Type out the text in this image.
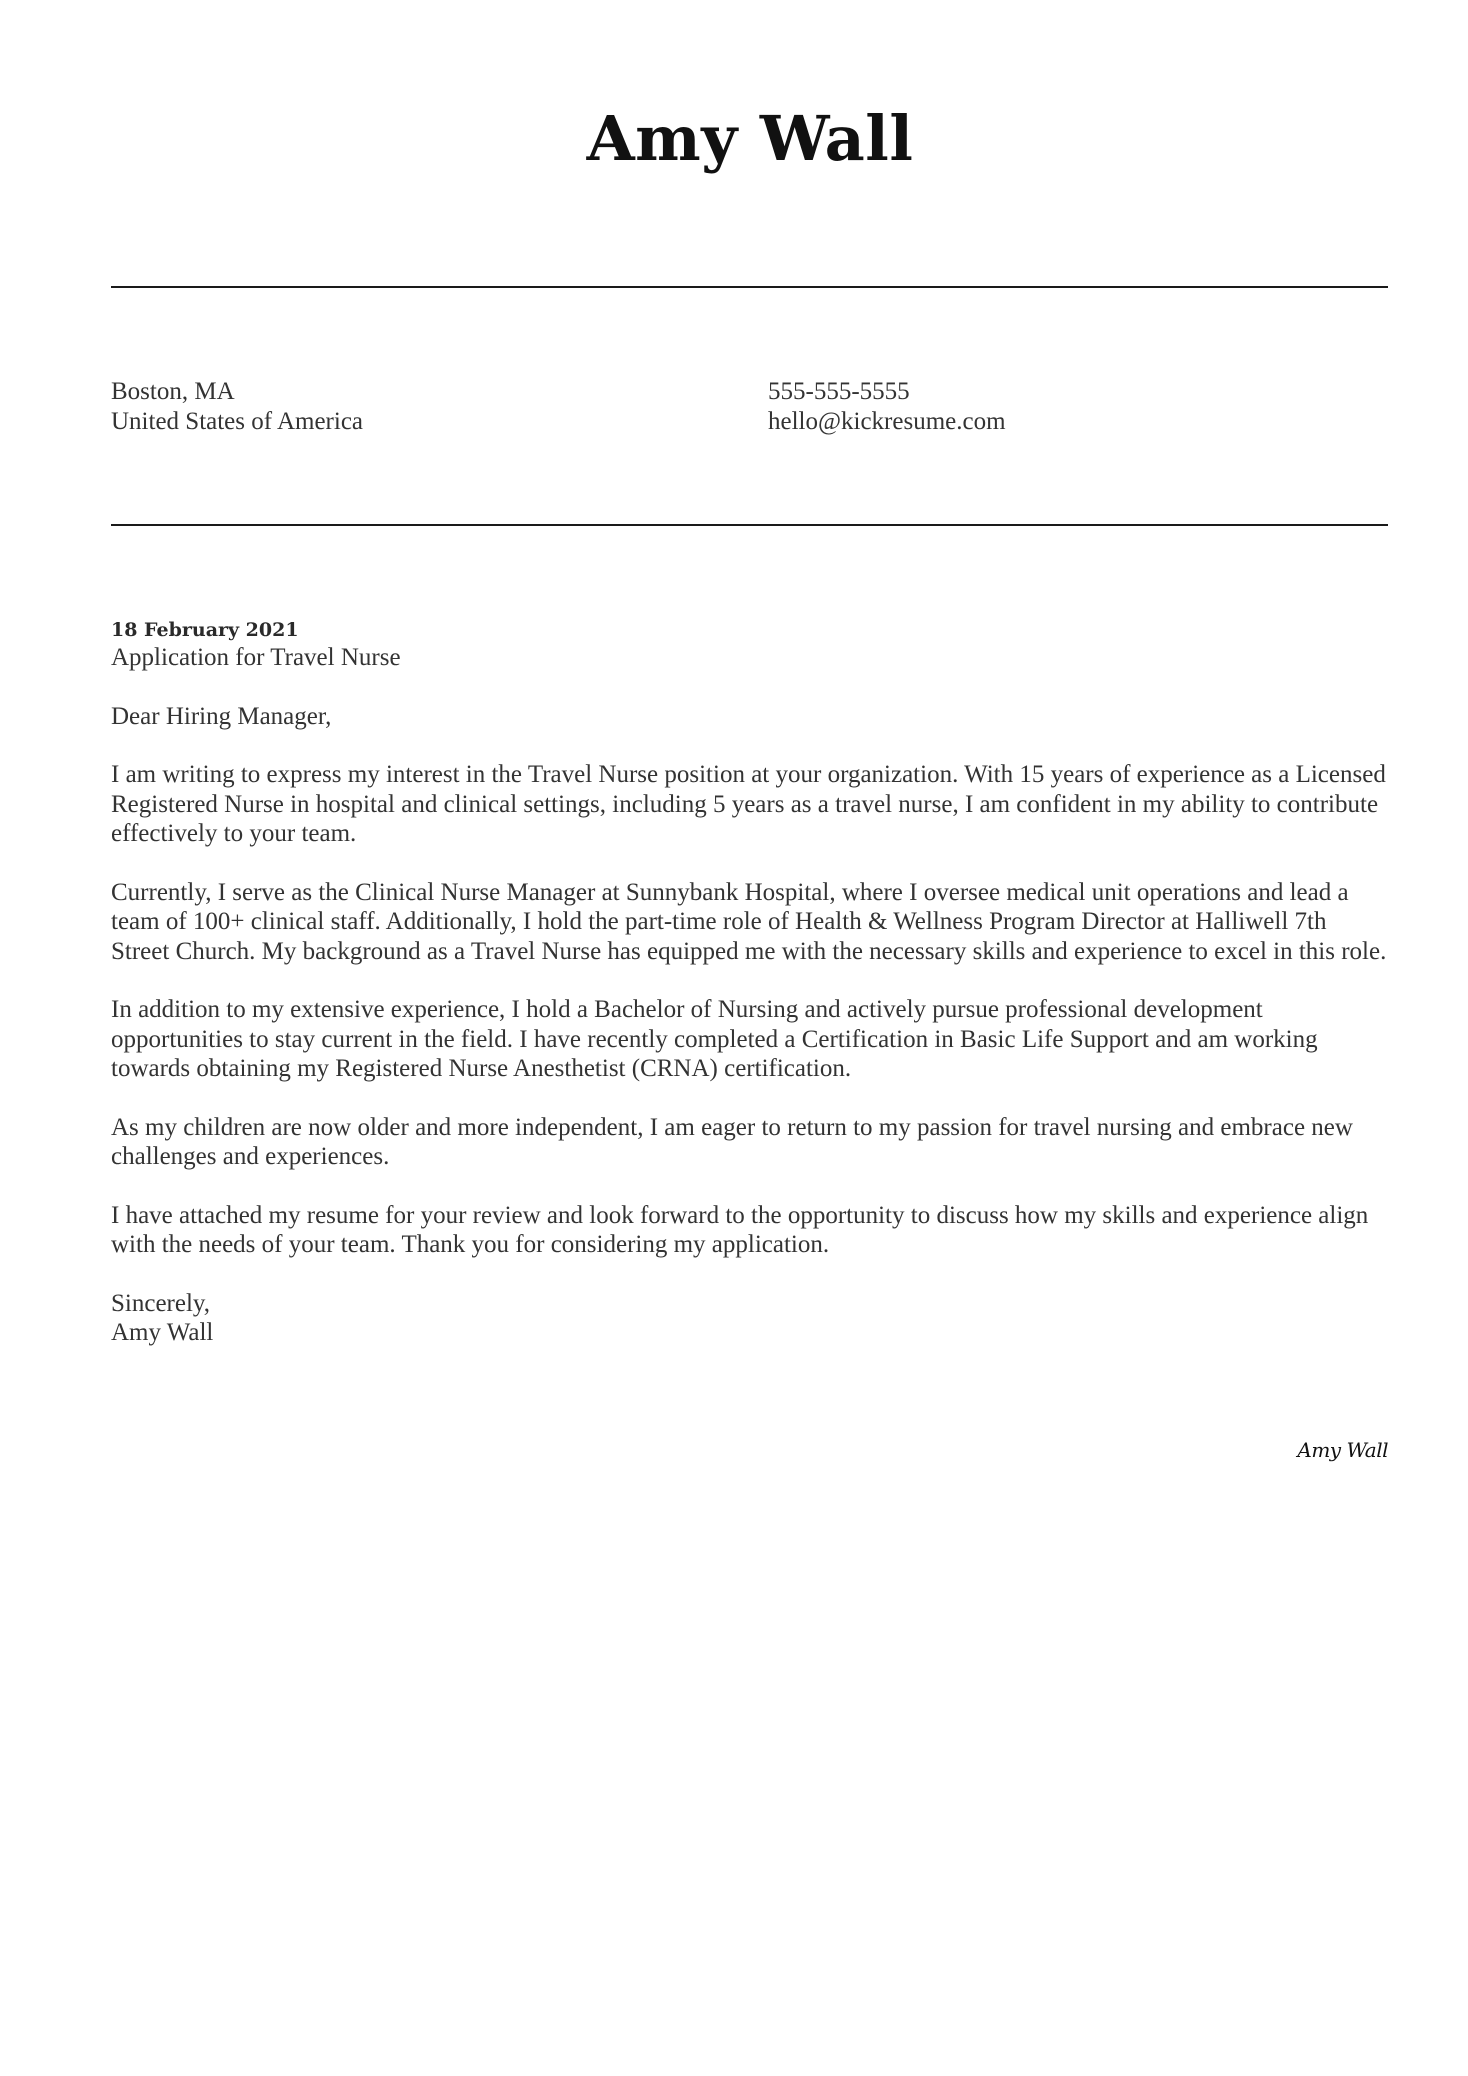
Amy Wall
Boston, MA
United States of America
555-555-5555
hello@kickresume.com
18 February 2021
Application for Travel Nurse
Dear Hiring Manager,

I am writing to express my interest in the Travel Nurse position at your organization. With 15 years of experience as a Licensed Registered Nurse in hospital and clinical settings, including 5 years as a travel nurse, I am confident in my ability to contribute effectively to your team.

Currently, I serve as the Clinical Nurse Manager at Sunnybank Hospital, where I oversee medical unit operations and lead a team of 100+ clinical staff. Additionally, I hold the part-time role of Health & Wellness Program Director at Halliwell 7th Street Church. My background as a Travel Nurse has equipped me with the necessary skills and experience to excel in this role.

In addition to my extensive experience, I hold a Bachelor of Nursing and actively pursue professional development opportunities to stay current in the field. I have recently completed a Certification in Basic Life Support and am working towards obtaining my Registered Nurse Anesthetist (CRNA) certification.

As my children are now older and more independent, I am eager to return to my passion for travel nursing and embrace new challenges and experiences.

I have attached my resume for your review and look forward to the opportunity to discuss how my skills and experience align with the needs of your team. Thank you for considering my application.

Sincerely,
Amy Wall
Amy Wall
